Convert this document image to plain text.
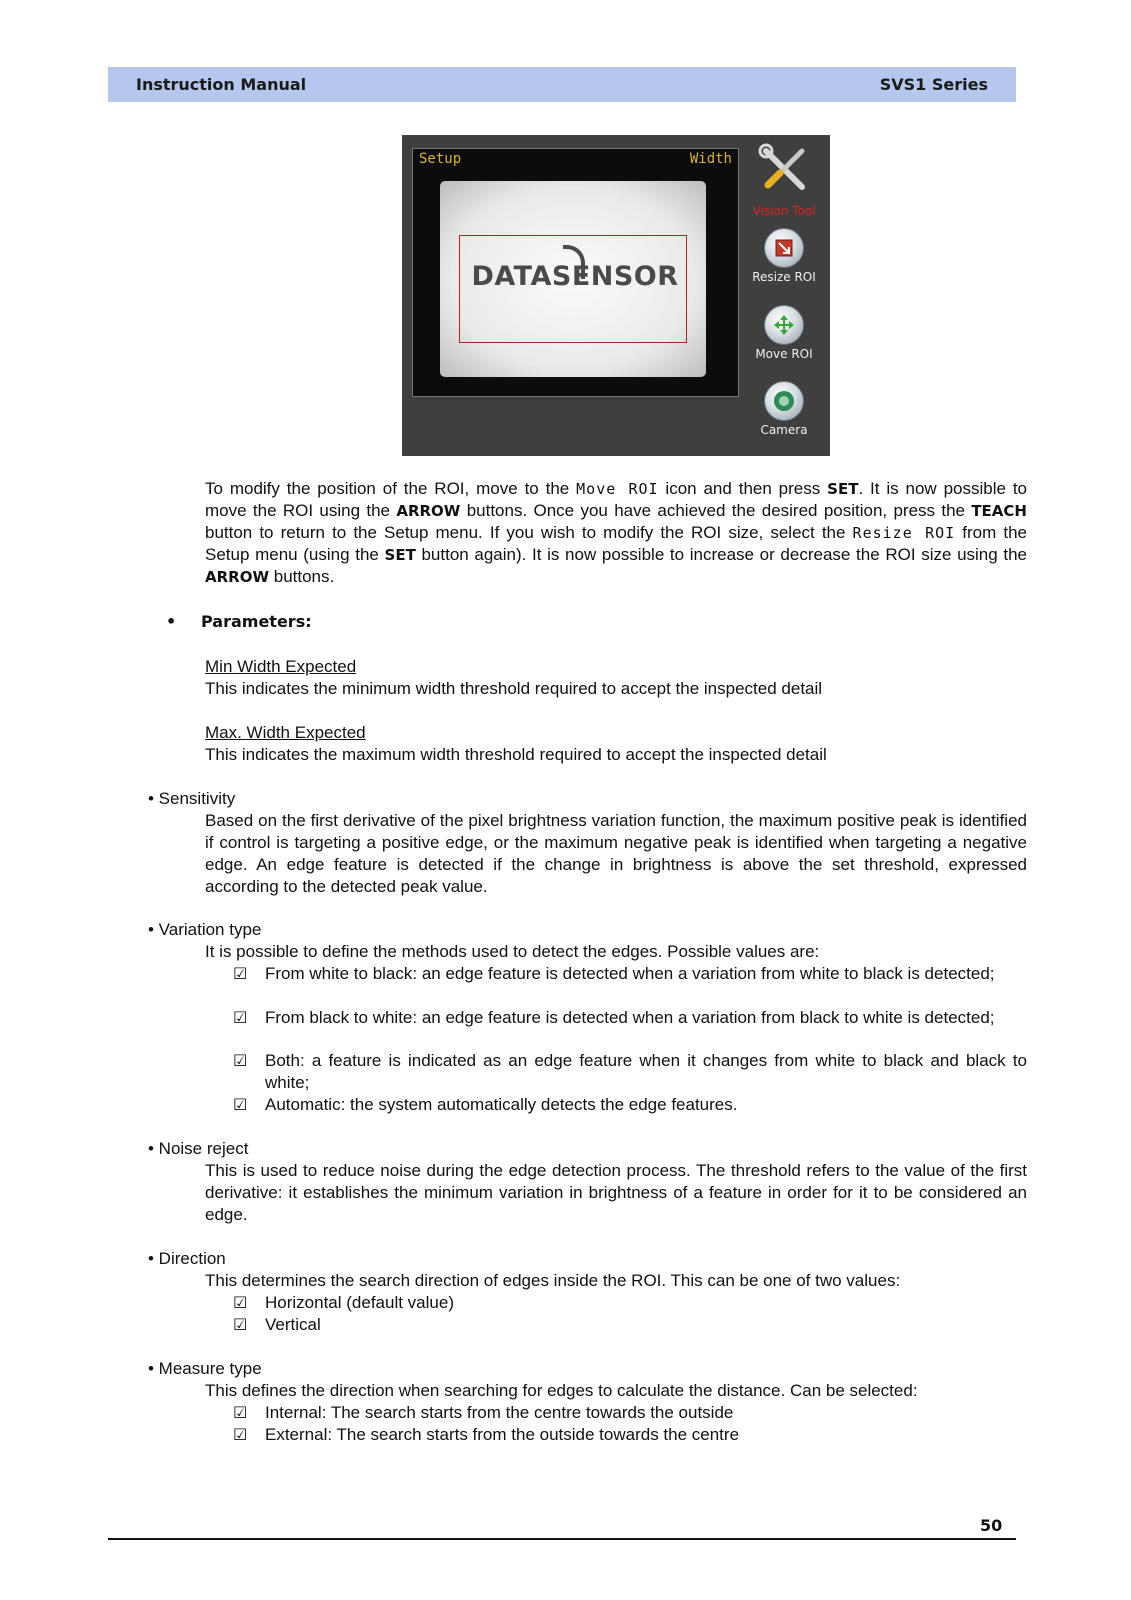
Instruction Manual	SVS1 Series
Setup	Width
DATASENSOR
Vision Tool
Resize ROI
Move ROI
Camera

To modify the position of the ROI, move to the Move ROI icon and then press SET. It is now possible to move the ROI using the ARROW buttons. Once you have achieved the desired position, press the TEACH button to return to the Setup menu. If you wish to modify the ROI size, select the Resize ROI from the Setup menu (using the SET button again). It is now possible to increase or decrease the ROI size using the ARROW buttons.

• Parameters:
Min Width Expected
This indicates the minimum width threshold required to accept the inspected detail
Max. Width Expected
This indicates the maximum width threshold required to accept the inspected detail
• Sensitivity

Based on the first derivative of the pixel brightness variation function, the maximum positive peak is identified if control is targeting a positive edge, or the maximum negative peak is identified when targeting a negative edge. An edge feature is detected if the change in brightness is above the set threshold, expressed according to the detected peak value.

• Variation type
It is possible to define the methods used to detect the edges. Possible values are:
☑ From white to black: an edge feature is detected when a variation from white to black is detected;
☑ From black to white: an edge feature is detected when a variation from black to white is detected;
☑ Both: a feature is indicated as an edge feature when it changes from white to black and black to white;
☑ Automatic: the system automatically detects the edge features.
• Noise reject

This is used to reduce noise during the edge detection process. The threshold refers to the value of the first derivative: it establishes the minimum variation in brightness of a feature in order for it to be considered an edge.

• Direction
This determines the search direction of edges inside the ROI. This can be one of two values:
☑ Horizontal (default value)
☑ Vertical
• Measure type
This defines the direction when searching for edges to calculate the distance. Can be selected:
☑ Internal: The search starts from the centre towards the outside
☑ External: The search starts from the outside towards the centre
50
